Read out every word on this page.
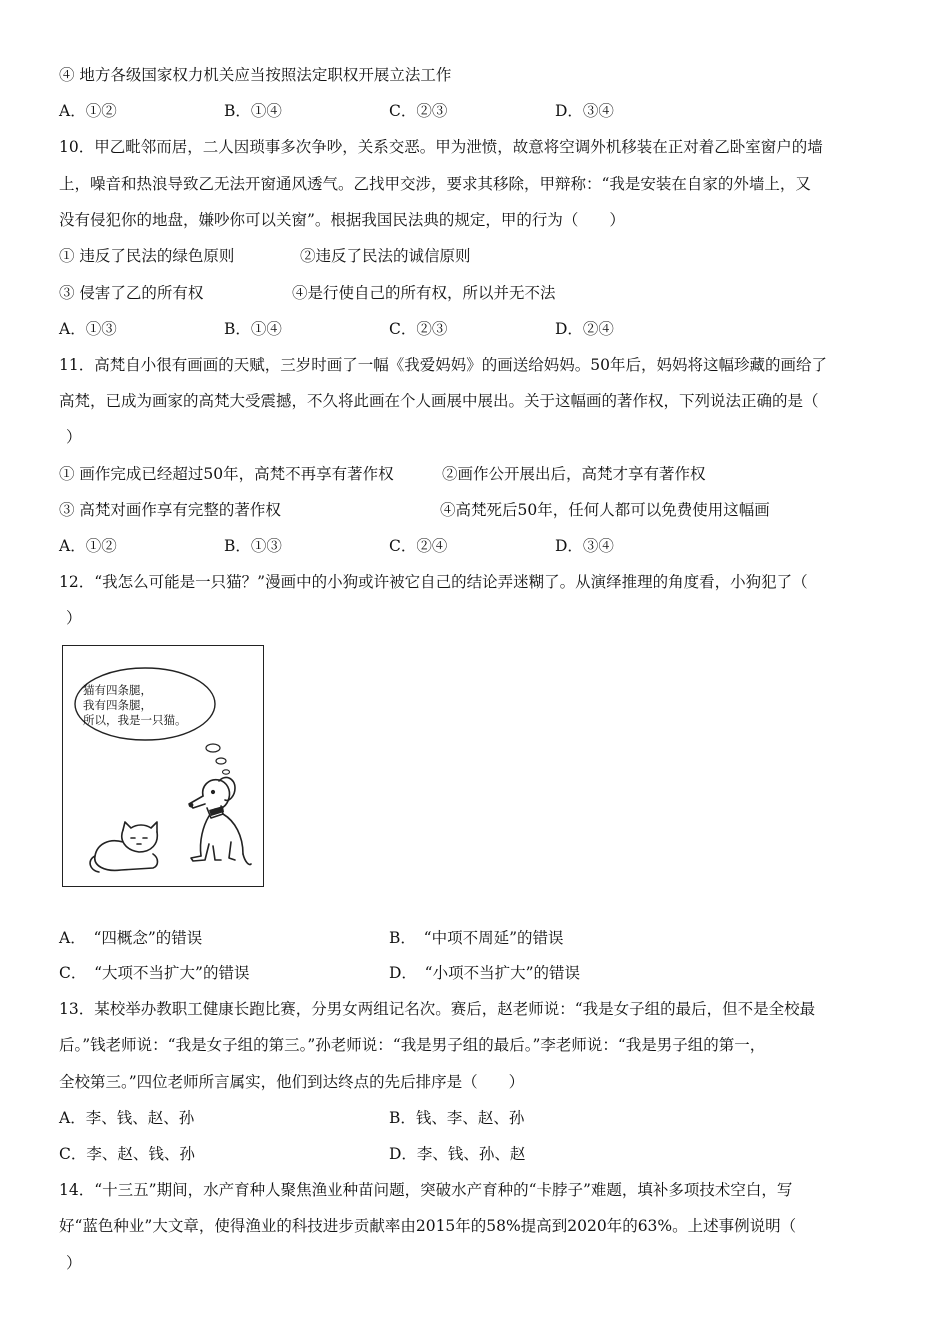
④ 地方各级国家权力机关应当按照法定职权开展立法工作
A．①②	B．①④	C．②③	D．③④
10．甲乙毗邻而居，二人因琐事多次争吵，关系交恶。甲为泄愤，故意将空调外机移装在正对着乙卧室窗户的墙
上，噪音和热浪导致乙无法开窗通风透气。乙找甲交涉，要求其移除，甲辩称：“我是安装在自家的外墙上，又
没有侵犯你的地盘，嫌吵你可以关窗”。根据我国民法典的规定，甲的行为（　　）
① 违反了民法的绿色原则	②违反了民法的诚信原则
③ 侵害了乙的所有权	④是行使自己的所有权，所以并无不法
A．①③	B．①④	C．②③	D．②④
11．高梵自小很有画画的天赋，三岁时画了一幅《我爱妈妈》的画送给妈妈。50年后，妈妈将这幅珍藏的画给了
高梵，已成为画家的高梵大受震撼，不久将此画在个人画展中展出。关于这幅画的著作权，下列说法正确的是（
）
① 画作完成已经超过50年，高梵不再享有著作权	②画作公开展出后，高梵才享有著作权
③ 高梵对画作享有完整的著作权	④高梵死后50年，任何人都可以免费使用这幅画
A．①②	B．①③	C．②④	D．③④
12．“我怎么可能是一只猫？”漫画中的小狗或许被它自己的结论弄迷糊了。从演绎推理的角度看，小狗犯了（
）
猫有四条腿，
我有四条腿，
所以，我是一只猫。
A．　“四概念”的错误	B．　“中项不周延”的错误
C．　“大项不当扩大”的错误	D．　“小项不当扩大”的错误
13．某校举办教职工健康长跑比赛，分男女两组记名次。赛后，赵老师说：“我是女子组的最后，但不是全校最
后。”钱老师说：“我是女子组的第三。”孙老师说：“我是男子组的最后。”李老师说：“我是男子组的第一，
全校第三。”四位老师所言属实，他们到达终点的先后排序是（　　）
A．李、钱、赵、孙	B．钱、李、赵、孙
C．李、赵、钱、孙	D．李、钱、孙、赵
14．“十三五”期间，水产育种人聚焦渔业种苗问题，突破水产育种的“卡脖子”难题，填补多项技术空白，写
好“蓝色种业”大文章，使得渔业的科技进步贡献率由2015年的58%提高到2020年的63%。上述事例说明（
）
